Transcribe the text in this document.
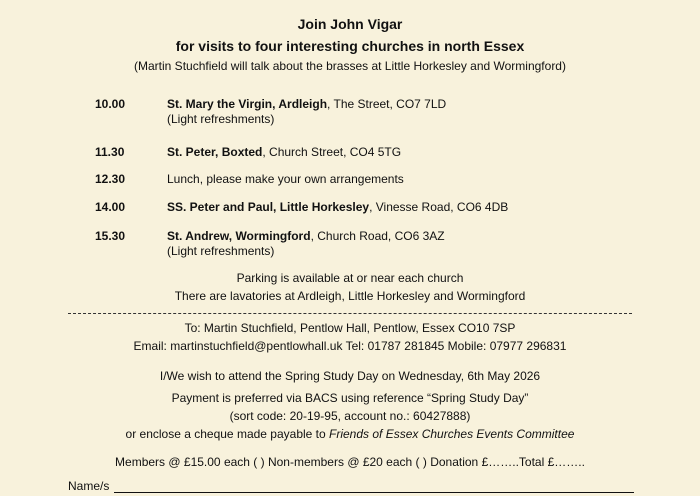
Join John Vigar
for visits to four interesting churches in north Essex
(Martin Stuchfield will talk about the brasses at Little Horkesley and Wormingford)
10.00	St. Mary the Virgin, Ardleigh, The Street, CO7 7LD
(Light refreshments)
11.30	St. Peter, Boxted, Church Street, CO4 5TG
12.30	Lunch, please make your own arrangements
14.00	SS. Peter and Paul, Little Horkesley, Vinesse Road, CO6 4DB
15.30	St. Andrew, Wormingford, Church Road, CO6 3AZ
(Light refreshments)
Parking is available at or near each church
There are lavatories at Ardleigh, Little Horkesley and Wormingford
To: Martin Stuchfield, Pentlow Hall, Pentlow, Essex CO10 7SP
Email: martinstuchfield@pentlowhall.uk Tel: 01787 281845 Mobile: 07977 296831
I/We wish to attend the Spring Study Day on Wednesday, 6th May 2026
Payment is preferred via BACS using reference “Spring Study Day”
(sort code: 20-19-95, account no.: 60427888)
or enclose a cheque made payable to Friends of Essex Churches Events Committee
Members @ £15.00 each ( ) Non-members @ £20 each ( ) Donation £……..Total £……..
Name/s
